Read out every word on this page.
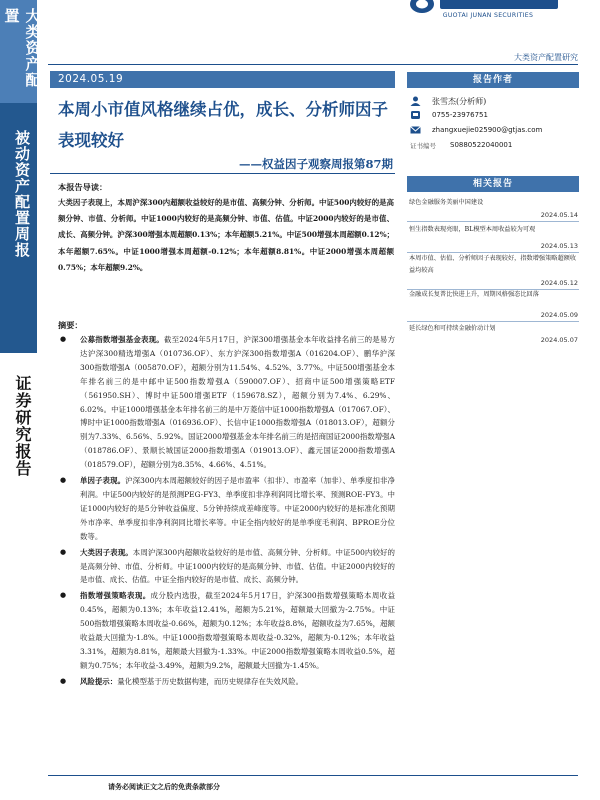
GUOTAI JUNAN SECURITIES
大类资产配置研究
大类资产配置
被动资产配置周报
证券研究报告
2024.05.19
本周小市值风格继续占优，成长、分析师因子表现较好
——权益因子观察周报第87期
本报告导读：
大类因子表现上，本周沪深300内超额收益较好的是市值、高频分钟、分析师。中证500内较好的是高频分钟、市值、分析师。中证1000内较好的是高频分钟、市值、估值。中证2000内较好的是市值、成长、高频分钟。沪深300增强本周超额0.13%；本年超额5.21%。中证500增强本周超额0.12%；本年超额7.65%。中证1000增强本周超额-0.12%；本年超额8.81%。中证2000增强本周超额0.75%；本年超额9.2%。
摘要：
● 公募指数增强基金表现。截至2024年5月17日，沪深300增强基金本年收益排名前三的是易方达沪深300精选增强A（010736.OF）、东方沪深300指数增强A（016204.OF）、鹏华沪深300指数增强A（005870.OF），超额分别为11.54%、4.52%、3.77%。中证500增强基金本年排名前三的是中邮中证500指数增强A（590007.OF）、招商中证500增强策略ETF（561950.SH）、博时中证500增强ETF（159678.SZ），超额分别为7.4%、6.29%、6.02%。中证1000增强基金本年排名前三的是中万菱信中证1000指数增强A（017067.OF）、博时中证1000指数增强A（016936.OF）、长信中证1000指数增强A（018013.OF），超额分别为7.33%、6.56%、5.92%。国证2000增强基金本年排名前三的是招商国证2000指数增强A（018786.OF）、景顺长城国证2000指数增强A（019013.OF）、鑫元国证2000指数增强A（018579.OF），超额分别为8.35%、4.66%、4.51%。
● 单因子表现。沪深300内本周超额较好的因子是市盈率（扣非）、市盈率（加非）、单季度扣非净利润。中证500内较好的是预测PEG-FY3、单季度扣非净利润同比增长率、预测ROE-FY3。中证1000内较好的是5分钟收益偏度、5分钟持续成差峰度等。中证2000内较好的是标准化预期外市净率、单季度扣非净利润同比增长率等。中证全指内较好的是单季度毛利润、BPROE分位数等。
● 大类因子表现。本周沪深300内超额收益较好的是市值、高频分钟、分析师。中证500内较好的是高频分钟、市值、分析师。中证1000内较好的是高频分钟、市值、估值。中证2000内较好的是市值、成长、估值。中证全指内较好的是市值、成长、高频分钟。
● 指数增强策略表现。成分股内选股，截至2024年5月17日，沪深300指数增强策略本周收益0.45%，超额为0.13%；本年收益12.41%，超额为5.21%，超额最大回撤为-2.75%。中证500指数增强策略本周收益-0.66%，超额为0.12%；本年收益8.8%，超额收益为7.65%，超额收益最大回撤为-1.8%。中证1000指数增强策略本周收益-0.32%，超额为-0.12%；本年收益3.31%，超额为8.81%，超额最大回撤为-1.33%。中证2000指数增强策略本周收益0.5%，超额为0.75%；本年收益-3.49%，超额为9.2%，超额最大回撤为-1.45%。
● 风险提示：量化模型基于历史数据构建，而历史规律存在失效风险。
报告作者
张雪杰(分析师)
0755-23976751
zhangxuejie025900@gtjas.com
证书编号 S0880522040001
相关报告
绿色金融服务美丽中国建设
2024.05.14
恒生指数表现亮眼，BL模型本周收益较为可观
2024.05.13
本周市值、估值、分析师因子表现较好，指数增强策略超额收益均较高
2024.05.12
金融成长复普比快进上升，周期风格强态比回落
2024.05.09
延长绿色和可持续金融价动计划
2024.05.07
请务必阅读正文之后的免责条款部分
